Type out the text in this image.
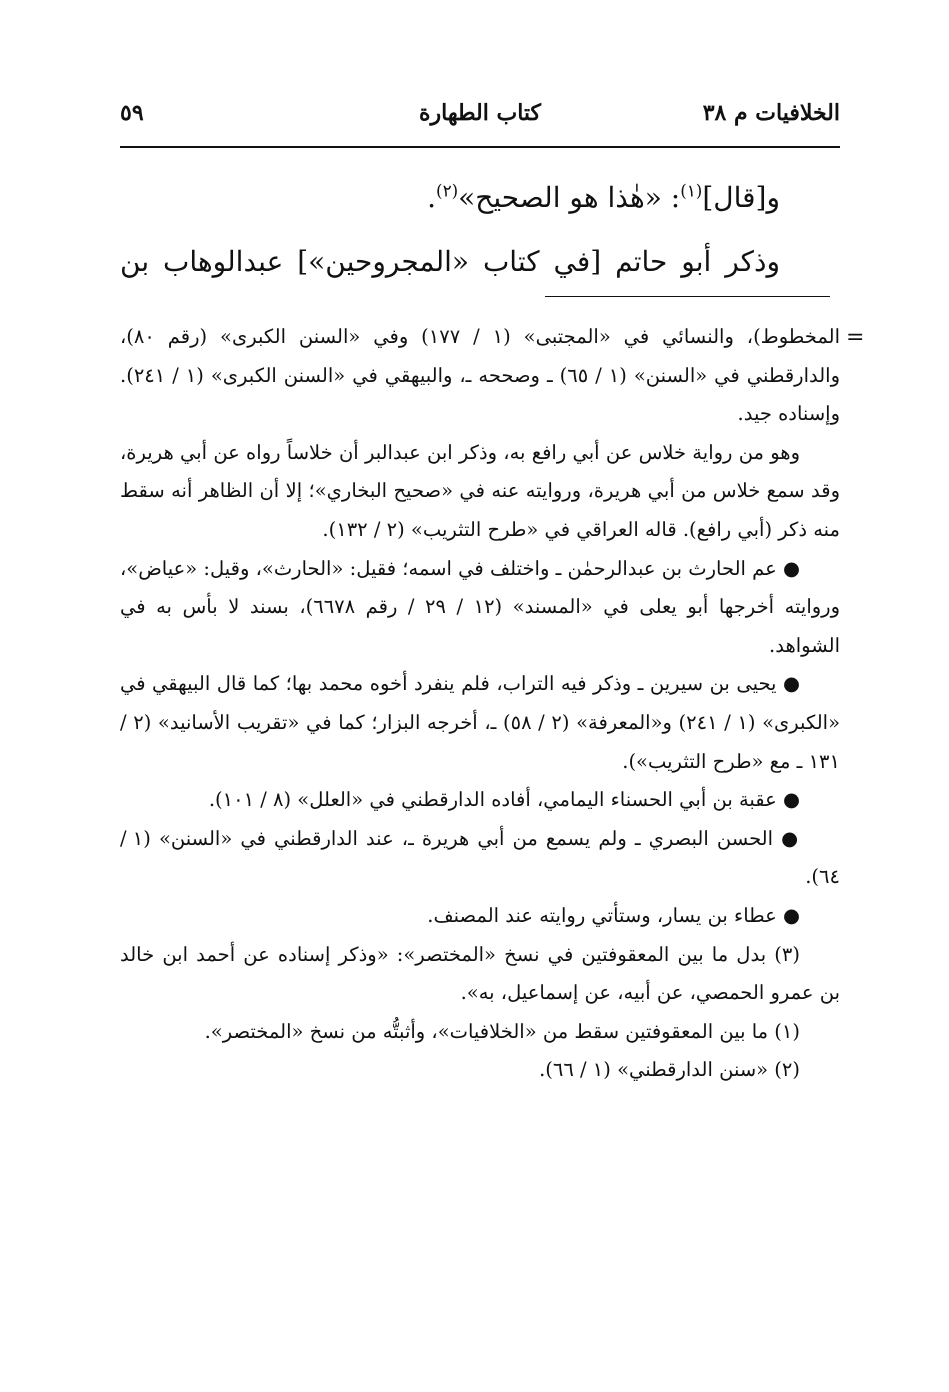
الخلافيات م ٣٨
كتاب الطهارة
٥٩

و[قال]$^{(١)}$: «هٰذا هو الصحيح»$^{(٢)}$.

وذكر أبو حاتم [في كتاب «المجروحين»] عبدالوهاب بن

=

المخطوط)، والنسائي في «المجتبى» (١ / ١٧٧) وفي «السنن الكبرى» (رقم ٨٠)، والدارقطني في «السنن» (١ / ٦٥) ـ وصححه ـ، والبيهقي في «السنن الكبرى» (١ / ٢٤١). وإسناده جيد.

وهو من رواية خلاس عن أبي رافع به، وذكر ابن عبدالبر أن خلاساً رواه عن أبي هريرة، وقد سمع خلاس من أبي هريرة، وروايته عنه في «صحيح البخاري»؛ إلا أن الظاهر أنه سقط منه ذكر (أبي رافع). قاله العراقي في «طرح التثريب» (٢ / ١٣٢).

● عم الحارث بن عبدالرحمٰن ـ واختلف في اسمه؛ فقيل: «الحارث»، وقيل: «عياض»، وروايته أخرجها أبو يعلى في «المسند» (١٢ / ٢٩ / رقم ٦٦٧٨)، بسند لا بأس به في الشواهد.

● يحيى بن سيرين ـ وذكر فيه التراب، فلم ينفرد أخوه محمد بها؛ كما قال البيهقي في «الكبرى» (١ / ٢٤١) و«المعرفة» (٢ / ٥٨) ـ، أخرجه البزار؛ كما في «تقريب الأسانيد» (٢ / ١٣١ ـ مع «طرح التثريب»).

● عقبة بن أبي الحسناء اليمامي، أفاده الدارقطني في «العلل» (٨ / ١٠١).

● الحسن البصري ـ ولم يسمع من أبي هريرة ـ، عند الدارقطني في «السنن» (١ / ٦٤).

● عطاء بن يسار، وستأتي روايته عند المصنف.

(٣) بدل ما بين المعقوفتين في نسخ «المختصر»: «وذكر إسناده عن أحمد ابن خالد بن عمرو الحمصي، عن أبيه، عن إسماعيل، به».

(١) ما بين المعقوفتين سقط من «الخلافيات»، وأثبتُّه من نسخ «المختصر».

(٢) «سنن الدارقطني» (١ / ٦٦).
